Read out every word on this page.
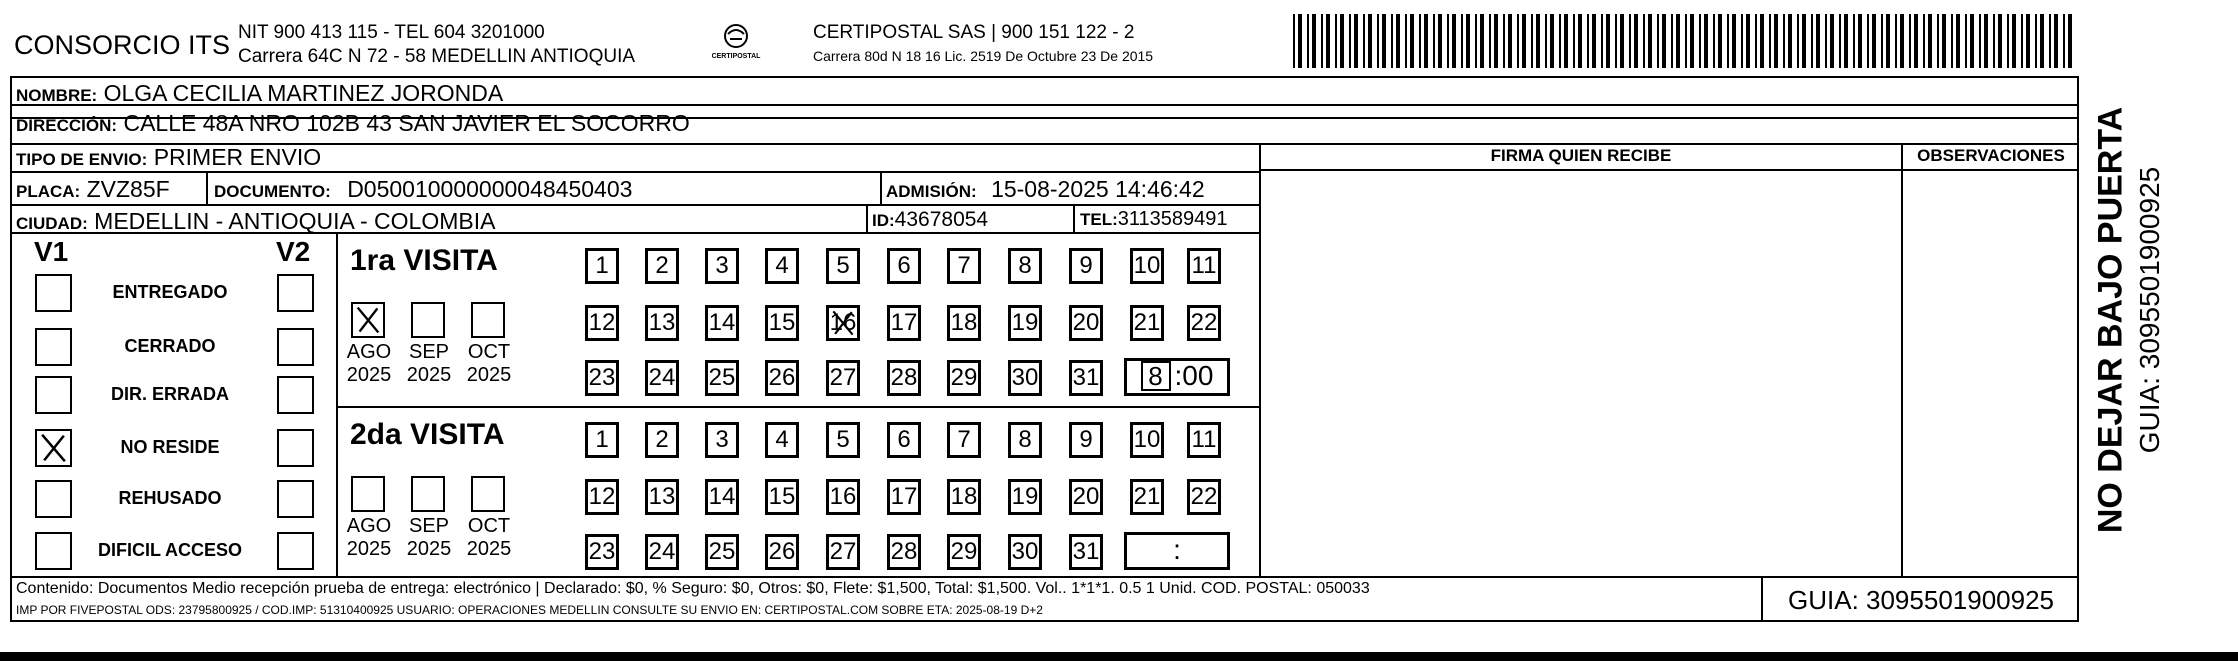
CONSORCIO ITS NIT 900 413 115 - TEL 604 3201000
Carrera 64C N 72 - 58 MEDELLIN ANTIOQUIA	CERTIPOSTAL
CERTIPOSTAL SAS | 900 151 122 - 2
Carrera 80d N 18 16 Lic. 2519 De Octubre 23 De 2015
NOMBRE: OLGA CECILIA MARTINEZ JORONDA
DIRECCIÓN: CALLE 48A NRO 102B 43 SAN JAVIER EL SOCORRO
TIPO DE ENVIO: PRIMER ENVIO
PLACA: ZVZ85F	DOCUMENTO: D050010000000048450403	ADMISIÓN: 15-08-2025 14:46:42
CIUDAD: MEDELLIN - ANTIOQUIA - COLOMBIA	ID:43678054	TEL:3113589491
FIRMA QUIEN RECIBE	OBSERVACIONES
V1	V2
ENTREGADO
CERRADO
DIR. ERRADA
NO RESIDE
REHUSADO
DIFICIL ACCESO
1ra VISITA
AGO
2025
SEP
2025
OCT
2025
1	2	3	4	5	6	7	8	9	10 11
12 13 14 15 16 17 18 19 20 21 22
23 24 25 26 27 28 29 30 31	8 :00
2da VISITA
AGO
2025
SEP
2025
OCT
2025
1	2	3	4	5	6	7	8	9	10 11
12 13 14 15 16 17 18 19 20 21 22
23 24 25 26 27 28 29 30 31	:
Contenido: Documentos Medio recepción prueba de entrega: electrónico | Declarado: $0, % Seguro: $0, Otros: $0, Flete: $1,500, Total: $1,500. Vol.. 1*1*1. 0.5 1 Unid. COD. POSTAL: 050033
IMP POR FIVEPOSTAL ODS: 23795800925 / COD.IMP: 51310400925 USUARIO: OPERACIONES MEDELLIN CONSULTE SU ENVIO EN: CERTIPOSTAL.COM SOBRE ETA: 2025-08-19 D+2	GUIA: 3095501900925
NO DEJAR BAJO PUERTA GUIA: 3095501900925
